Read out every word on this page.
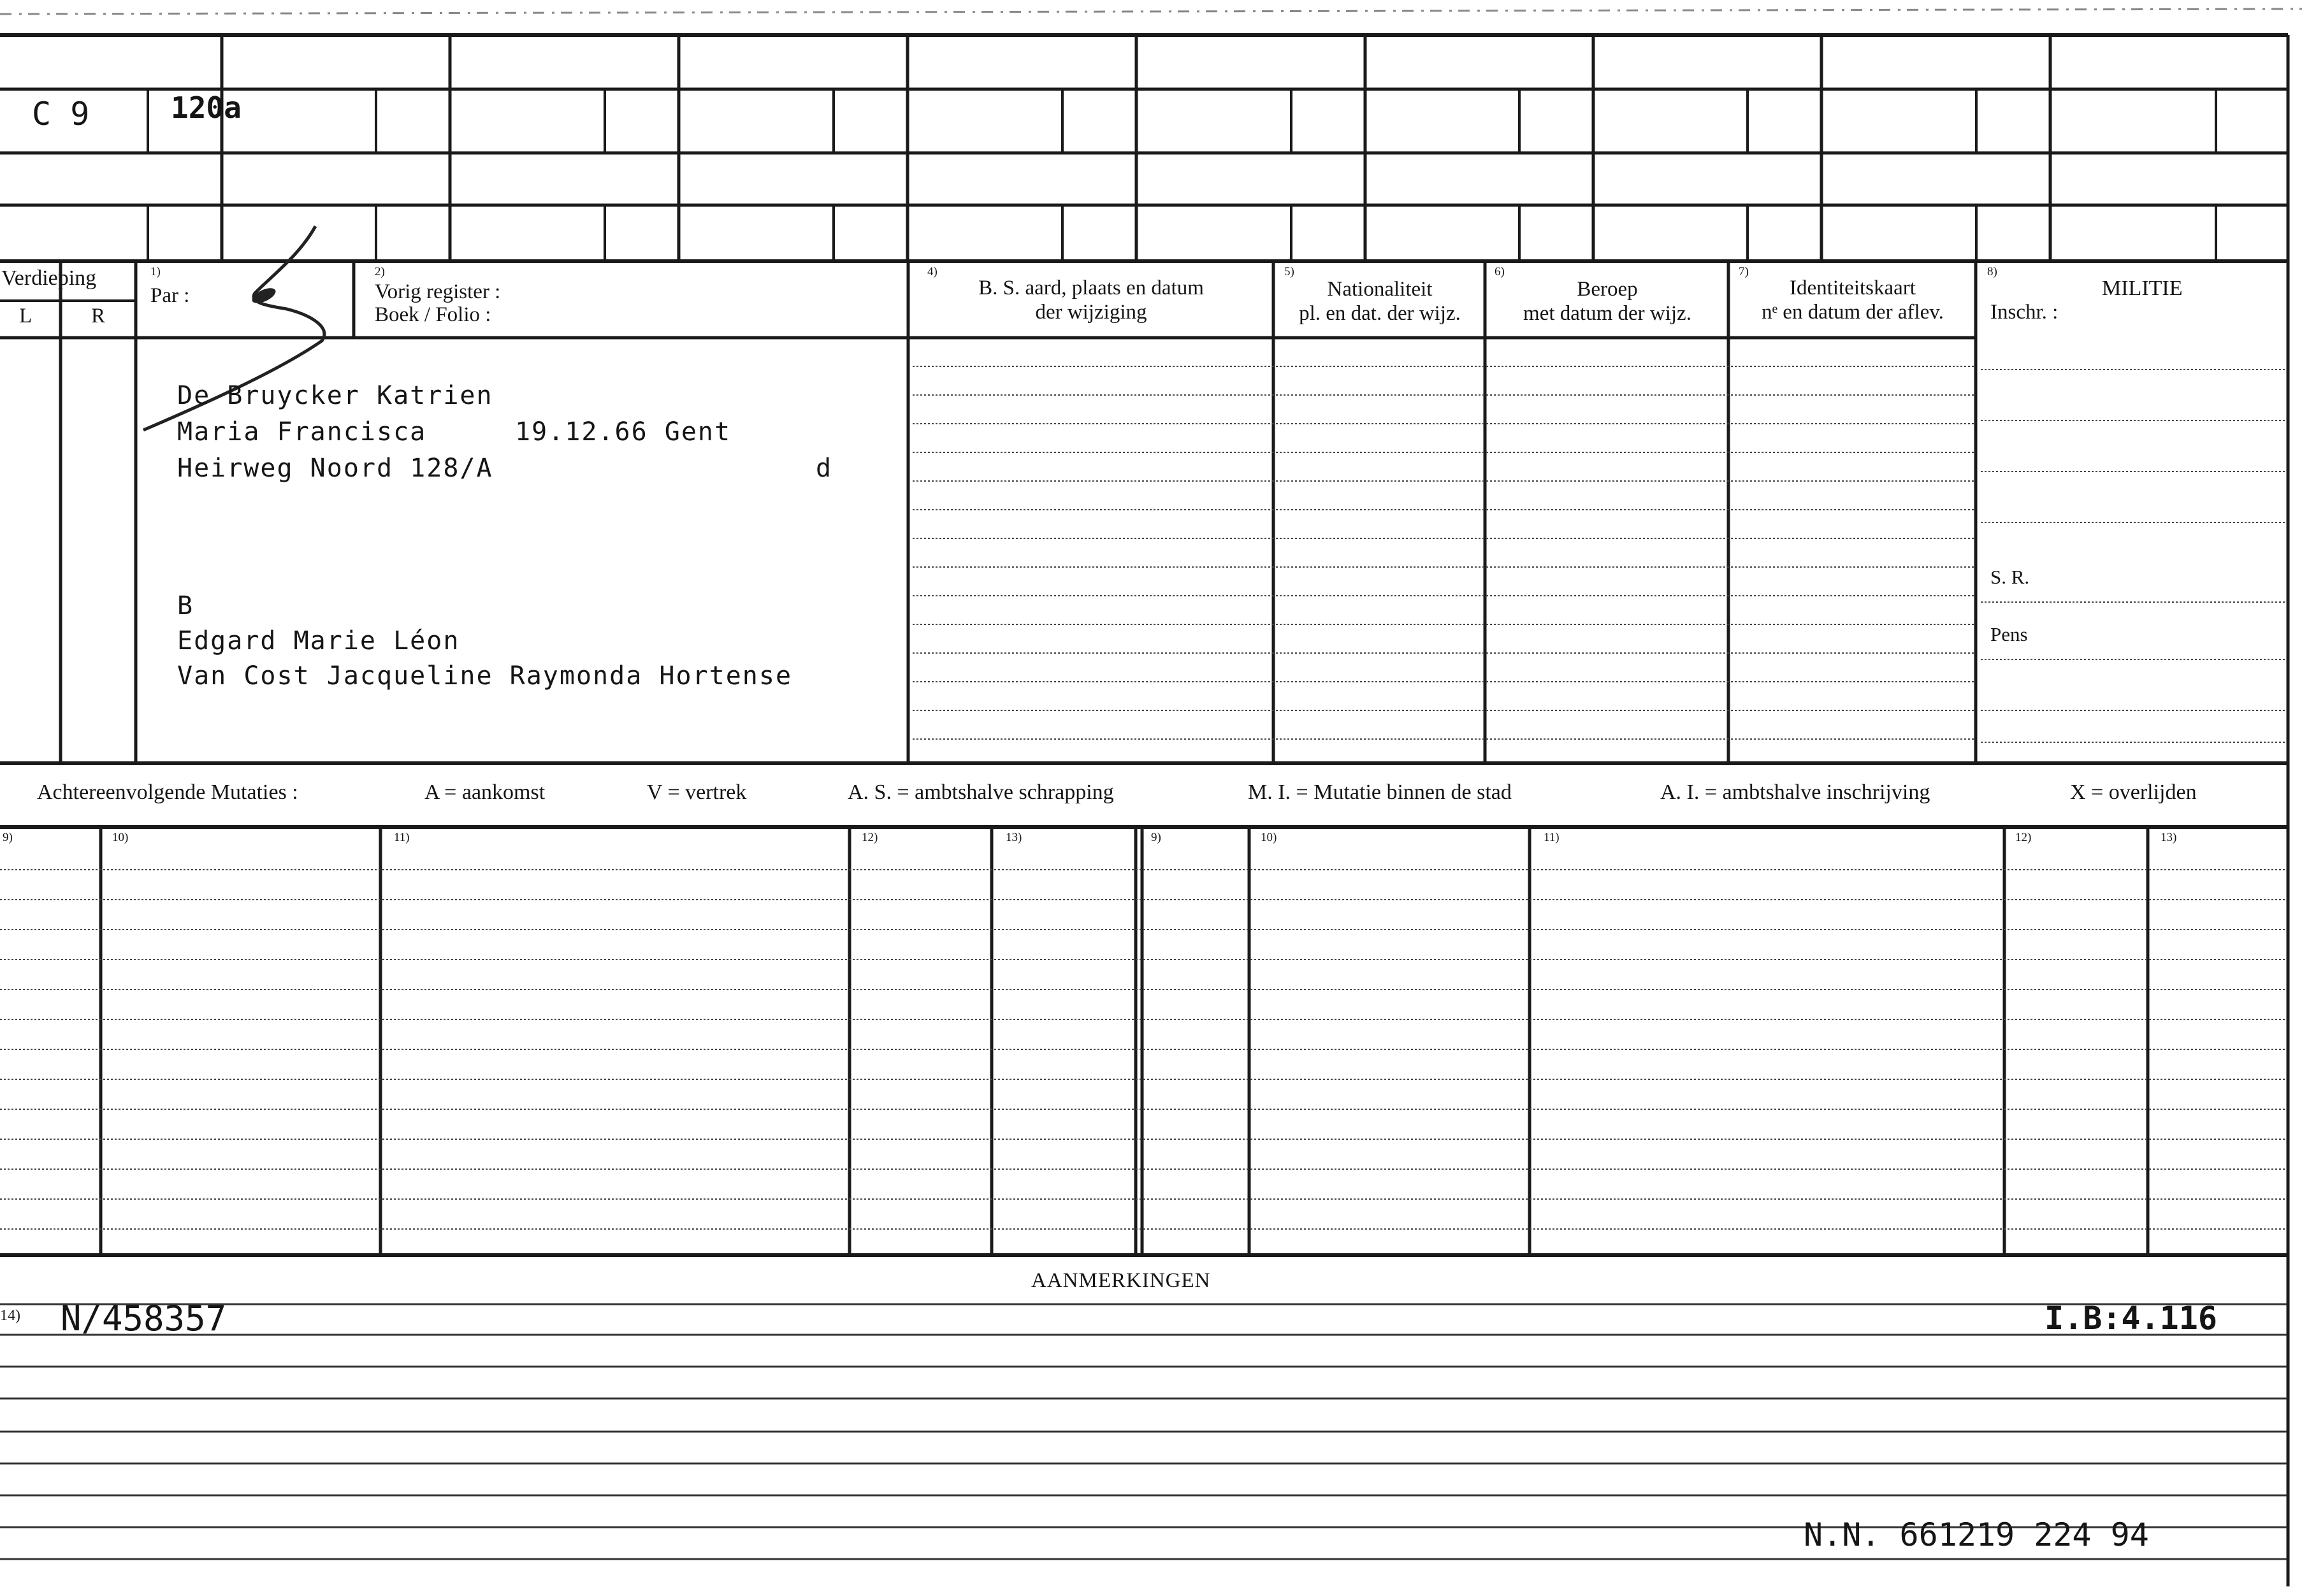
C 9	120a
Verdieping
L	R
1)
Par :
2)
Vorig register :
Boek / Folio :
4)
B. S. aard, plaats en datum
der wijziging
5)
Nationaliteit
pl. en dat. der wijz.
6)
Beroep
met datum der wijz.
7)
Identiteitskaart
nᵉ en datum der aflev.
8)
MILITIE
Inschr. :
S. R.
Pens
De Bruycker Katrien
Maria Francisca	19.12.66 Gent
Heirweg Noord 128/A	d
B
Edgard Marie Léon
Van Cost Jacqueline Raymonda Hortense
Achtereenvolgende Mutaties :	A = aankomst	V = vertrek	A. S. = ambtshalve schrapping	M. I. = Mutatie binnen de stad	A. I. = ambtshalve inschrijving	X = overlijden
9)	10)	11)	12)	13)	9)	10)	11)	12)	13)
AANMERKINGEN
14) N/458357	I.B:4.116
N.N. 661219 224 94
